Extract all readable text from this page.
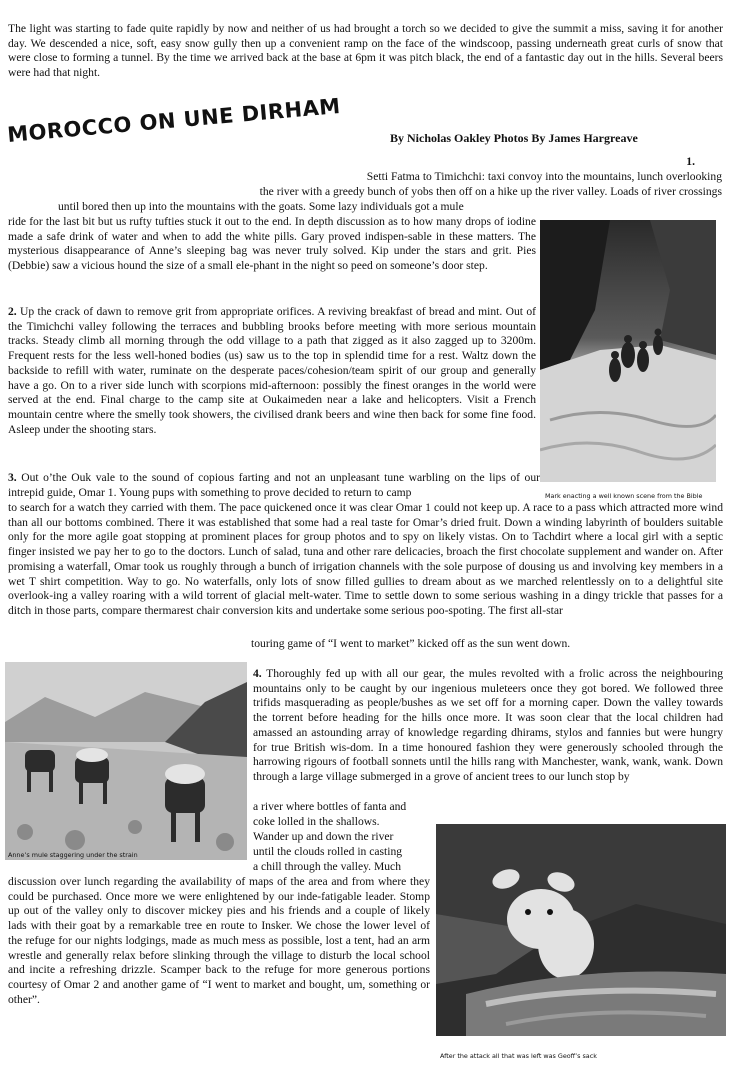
The light was starting to fade quite rapidly by now and neither of us had brought a torch so we decided to give the summit a miss, saving it for another day. We descended a nice, soft, easy snow gully then up a convenient ramp on the face of the windscoop, passing underneath great curls of snow that were close to forming a tunnel. By the time we arrived back at the base at 6pm it was pitch black, the end of a fantastic day out in the hills. Several beers were had that night.

MOROCCO ON UNE DIRHAM	By Nicholas Oakley Photos By James Hargreave
1.
Setti Fatma to Timichchi: taxi convoy into the mountains, lunch overlooking
the river with a greedy bunch of yobs then off on a hike up the river valley. Loads of river crossings
until bored then up into the mountains with the goats. Some lazy individuals got a mule

ride for the last bit but us rufty tufties stuck it out to the end. In depth discussion as to how many drops of iodine made a safe drink of water and when to add the white pills. Gary proved indispen-sable in these matters. The mysterious disappearance of Anne’s sleeping bag was never truly solved. Kip under the stars and grit. Pies (Debbie) saw a vicious hound the size of a small ele-phant in the night so peed on someone’s door step.

2. Up the crack of dawn to remove grit from appropriate orifices. A reviving breakfast of bread and mint. Out of the Timichchi valley following the terraces and bubbling brooks before meeting with more serious mountain tracks. Steady climb all morning through the odd village to a path that zigged as it also zagged up to 3200m. Frequent rests for the less well-honed bodies (us) saw us to the top in splendid time for a rest. Waltz down the backside to refill with water, ruminate on the desperate paces/cohesion/team spirit of our group and generally have a go. On to a river side lunch with scorpions mid-afternoon: possibly the finest oranges in the world were served at the end. Final charge to the camp site at Oukaimeden near a lake and helicopters. Visit a French mountain centre where the smelly took showers, the civilised drank beers and wine then back for some fine food. Asleep under the shooting stars.

3. Out o’the Ouk vale to the sound of copious farting and not an unpleasant tune warbling on the lips of our intrepid guide, Omar 1. Young pups with something to prove decided to return to camp	Mark enacting a well known scene from the Bible

to search for a watch they carried with them. The pace quickened once it was clear Omar 1 could not keep up. A race to a pass which attracted more wind than all our bottoms combined. There it was established that some had a real taste for Omar’s dried fruit. Down a winding labyrinth of boulders suitable only for the more agile goat stopping at prominent places for group photos and to spy on likely vistas. On to Tachdirt where a local girl with a septic finger insisted we pay her to go to the doctors. Lunch of salad, tuna and other rare delicacies, broach the first chocolate supplement and wander on. After promising a waterfall, Omar took us roughly through a bunch of irrigation channels with the sole purpose of dousing us and involving key members in a wet T shirt competition. Way to go. No waterfalls, only lots of snow filled gullies to dream about as we marched relentlessly on to a delightful site overlook-ing a valley roaring with a wild torrent of glacial melt-water. Time to settle down to some serious washing in a dingy trickle that passes for a ditch in those parts, compare thermarest chair conversion kits and undertake some serious poo-spoting. The first all-star

touring game of “I went to market” kicked off as the sun went down.
Anne’s mule staggering under the strain

4. Thoroughly fed up with all our gear, the mules revolted with a frolic across the neighbouring mountains only to be caught by our ingenious muleteers once they got bored. We followed three trifids masquerading as people/bushes as we set off for a morning caper. Down the valley towards the torrent before heading for the hills once more. It was soon clear that the local children had amassed an astounding array of knowledge regarding dhirams, stylos and fannies but were hungry for true British wis-dom. In a time honoured fashion they were generously schooled through the harrowing rigours of football sonnets until the hills rang with Manchester, wank, wank, wank. Down through a large village submerged in a grove of ancient trees to our lunch stop by

a river where bottles of fanta and
coke lolled in the shallows.
Wander up and down the river
until the clouds rolled in casting
a chill through the valley. Much

discussion over lunch regarding the availability of maps of the area and from where they could be purchased. Once more we were enlightened by our inde-fatigable leader. Stomp up out of the valley only to discover mickey pies and his friends and a couple of likely lads with their goat by a remarkable tree en route to Insker. We chose the lower level of the refuge for our nights lodgings, made as much mess as possible, lost a tent, had an arm wrestle and generally relax before slinking through the village to disturb the local school and incite a refreshing drizzle. Scamper back to the refuge for more generous portions courtesy of Omar 2 and another game of “I went to market and bought, um, something or other”.

After the attack all that was left was Geoff’s sack
